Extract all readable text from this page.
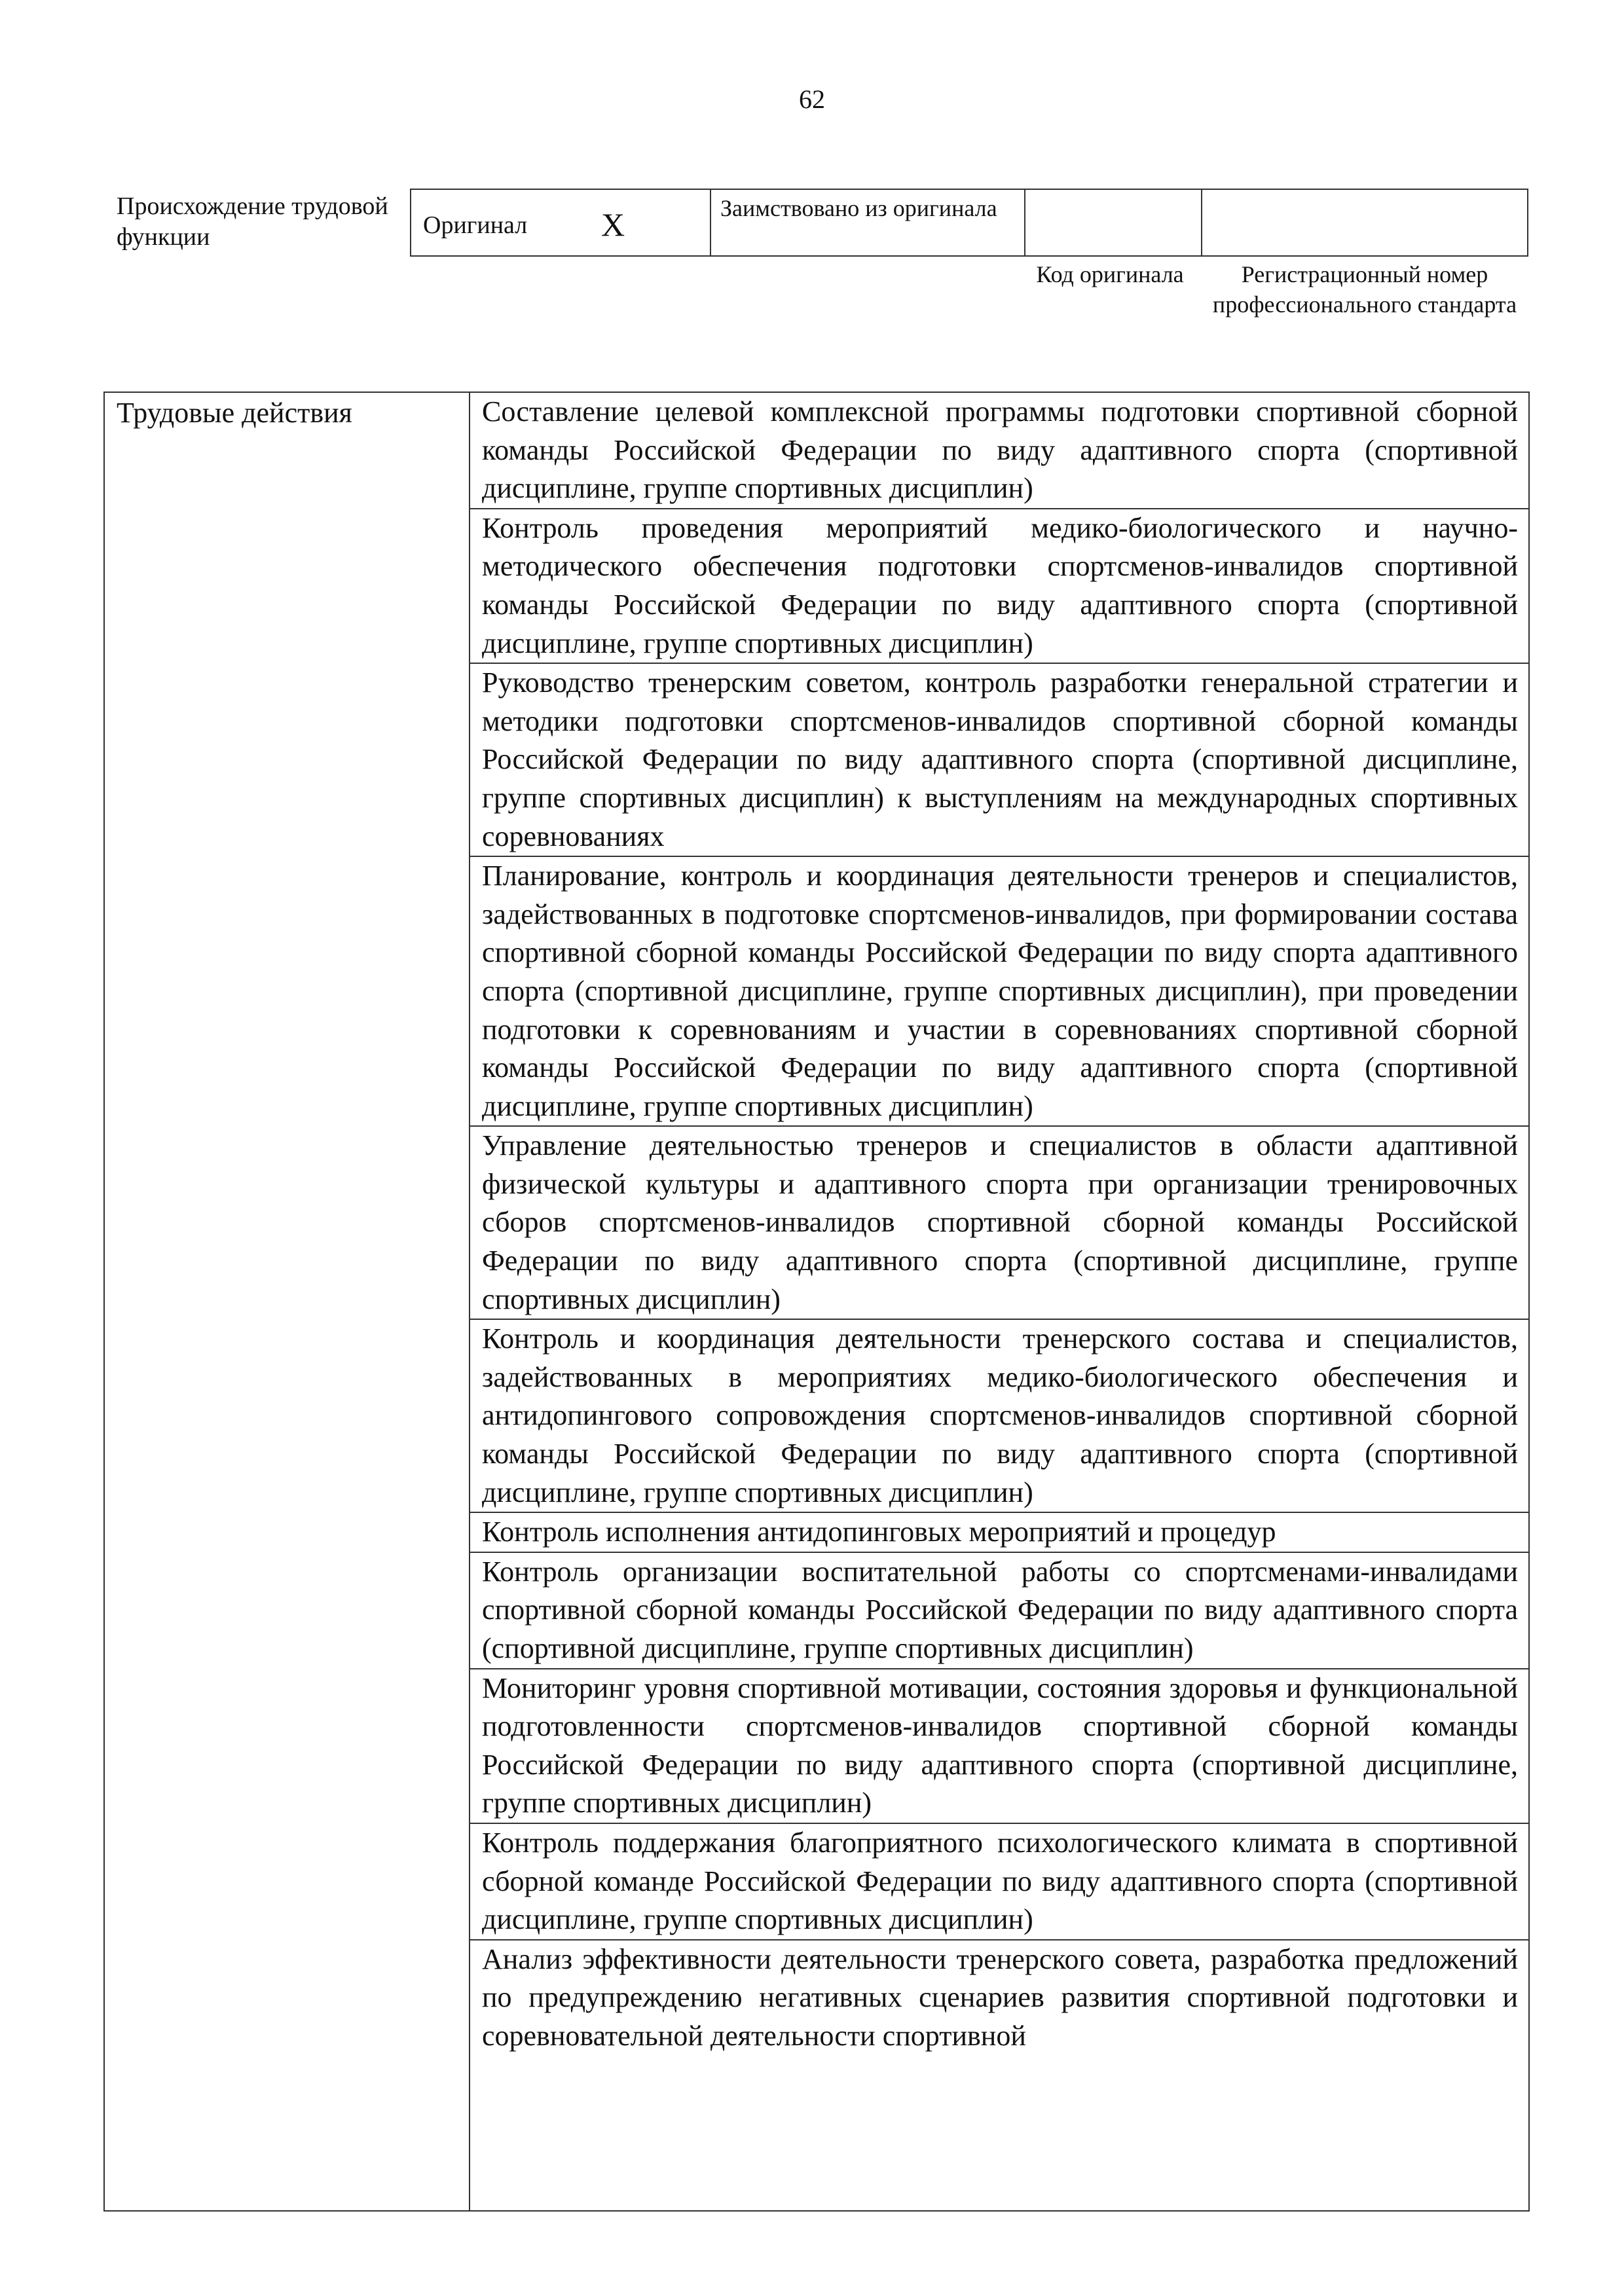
62
Происхождение трудовой функции	Оригинал X	Заимствовано из оригинала
Код оригинала	Регистрационный номер профессионального стандарта
Трудовые действия	Составление целевой комплексной программы подготовки спортивной сборной команды Российской Федерации по виду адаптивного спорта (спортивной дисциплине, группе спортивных дисциплин)
Контроль проведения мероприятий медико-биологического и научно-методического обеспечения подготовки спортсменов-инвалидов спортивной команды Российской Федерации по виду адаптивного спорта (спортивной дисциплине, группе спортивных дисциплин)
Руководство тренерским советом, контроль разработки генеральной стратегии и методики подготовки спортсменов-инвалидов спортивной сборной команды Российской Федерации по виду адаптивного спорта (спортивной дисциплине, группе спортивных дисциплин) к выступлениям на международных спортивных соревнованиях
Планирование, контроль и координация деятельности тренеров и специалистов, задействованных в подготовке спортсменов-инвалидов, при формировании состава спортивной сборной команды Российской Федерации по виду спорта адаптивного спорта (спортивной дисциплине, группе спортивных дисциплин), при проведении подготовки к соревнованиям и участии в соревнованиях спортивной сборной команды Российской Федерации по виду адаптивного спорта (спортивной дисциплине, группе спортивных дисциплин)
Управление деятельностью тренеров и специалистов в области адаптивной физической культуры и адаптивного спорта при организации тренировочных сборов спортсменов-инвалидов спортивной сборной команды Российской Федерации по виду адаптивного спорта (спортивной дисциплине, группе спортивных дисциплин)
Контроль и координация деятельности тренерского состава и специалистов, задействованных в мероприятиях медико-биологического обеспечения и антидопингового сопровождения спортсменов-инвалидов спортивной сборной команды Российской Федерации по виду адаптивного спорта (спортивной дисциплине, группе спортивных дисциплин)
Контроль исполнения антидопинговых мероприятий и процедур
Контроль организации воспитательной работы со спортсменами-инвалидами спортивной сборной команды Российской Федерации по виду адаптивного спорта (спортивной дисциплине, группе спортивных дисциплин)
Мониторинг уровня спортивной мотивации, состояния здоровья и функциональной подготовленности спортсменов-инвалидов спортивной сборной команды Российской Федерации по виду адаптивного спорта (спортивной дисциплине, группе спортивных дисциплин)
Контроль поддержания благоприятного психологического климата в спортивной сборной команде Российской Федерации по виду адаптивного спорта (спортивной дисциплине, группе спортивных дисциплин)
Анализ эффективности деятельности тренерского совета, разработка предложений по предупреждению негативных сценариев развития спортивной подготовки и соревновательной деятельности спортивной
